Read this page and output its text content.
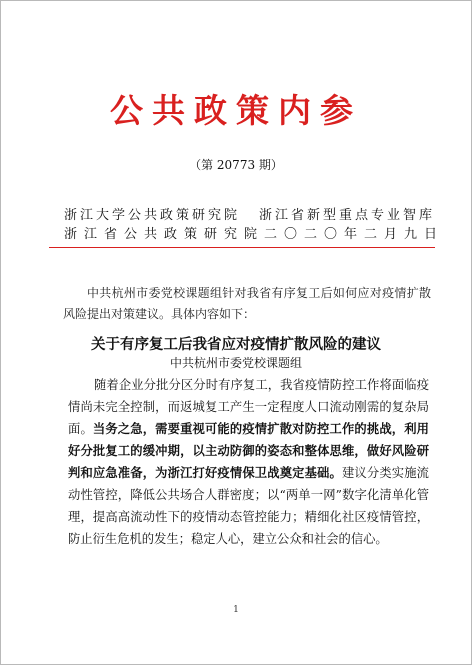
公共政策内参
（第 20773 期）
浙江大学公共政策研究院 浙江省新型重点专业智库
浙江省公共政策研究院 二〇二〇年二月九日
中共杭州市委党校课题组针对我省有序复工后如何应对疫情扩散风险提出对策建议。具体内容如下：
关于有序复工后我省应对疫情扩散风险的建议
中共杭州市委党校课题组
随着企业分批分区分时有序复工，我省疫情防控工作将面临疫情尚未完全控制，而返城复工产生一定程度人口流动刚需的复杂局面。当务之急，需要重视可能的疫情扩散对防控工作的挑战，利用好分批复工的缓冲期，以主动防御的姿态和整体思维，做好风险研判和应急准备，为浙江打好疫情保卫战奠定基础。建议分类实施流动性管控，降低公共场合人群密度；以“两单一网”数字化清单化管理，提高高流动性下的疫情动态管控能力；精细化社区疫情管控，防止衍生危机的发生；稳定人心，建立公众和社会的信心。
1
